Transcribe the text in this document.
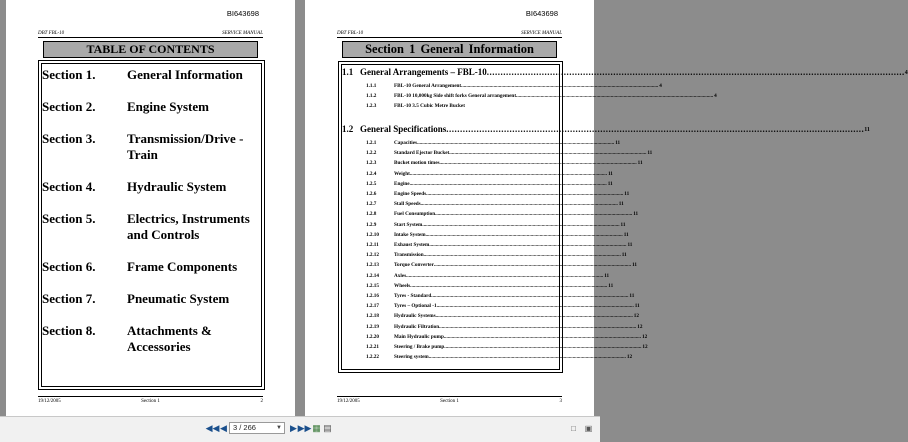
BI643698
DBT FBL-10	SERVICE MANUAL
TABLE OF CONTENTS
Section 1. General Information
Section 2. Engine System
Section 3. Transmission/Drive - Train
Section 4. Hydraulic System
Section 5. Electrics, Instruments and Controls
Section 6. Frame Components
Section 7. Pneumatic System
Section 8. Attachments & Accessories
19/12/2005	Section 1	2
BI643698
DBT FBL-10	SERVICE MANUAL
Section 1 General Information
1.1 General Arrangements – FBL-10 ........................................................................................................................................................ 4
1.1.1	FBL-10 General Arrangement ........................................................................................................................................................ 4
1.1.2	FBL-10 10,000kg Side shift forks General arrangement ........................................................................................................................................................ 4
1.2.3	FBL-10 3.5 Cubic Metre Bucket
1.2 General Specifications ........................................................................................................................................................ 11
1.2.1	Capacities ........................................................................................................................................................ 11
1.2.2	Standard Ejector Bucket ........................................................................................................................................................ 11
1.2.3	Bucket motion times ........................................................................................................................................................ 11
1.2.4	Weight ........................................................................................................................................................ 11
1.2.5	Engine ........................................................................................................................................................ 11
1.2.6	Engine Speeds ........................................................................................................................................................ 11
1.2.7	Stall Speeds ........................................................................................................................................................ 11
1.2.8	Fuel Consumption ........................................................................................................................................................ 11
1.2.9	Start System ........................................................................................................................................................ 11
1.2.10	Intake System ........................................................................................................................................................ 11
1.2.11	Exhaust System ........................................................................................................................................................ 11
1.2.12	Transmission ........................................................................................................................................................ 11
1.2.13	Torque Converter ........................................................................................................................................................ 11
1.2.14	Axles ........................................................................................................................................................ 11
1.2.15	Wheels ........................................................................................................................................................ 11
1.2.16	Tyres - Standard ........................................................................................................................................................ 11
1.2.17	Tyres – Optional -1 ........................................................................................................................................................ 11
1.2.18	Hydraulic Systems ........................................................................................................................................................ 12
1.2.19	Hydraulic Filtration ........................................................................................................................................................ 12
1.2.20	Main Hydraulic pump ........................................................................................................................................................ 12
1.2.21	Steering / Brake pump ........................................................................................................................................................ 12
1.2.22	Steering system ........................................................................................................................................................ 12
19/12/2005	Section 1	3
◀◀ ◀ 3 / 266	▼ ▶ ▶▶ ▦ ▤	□	▣
